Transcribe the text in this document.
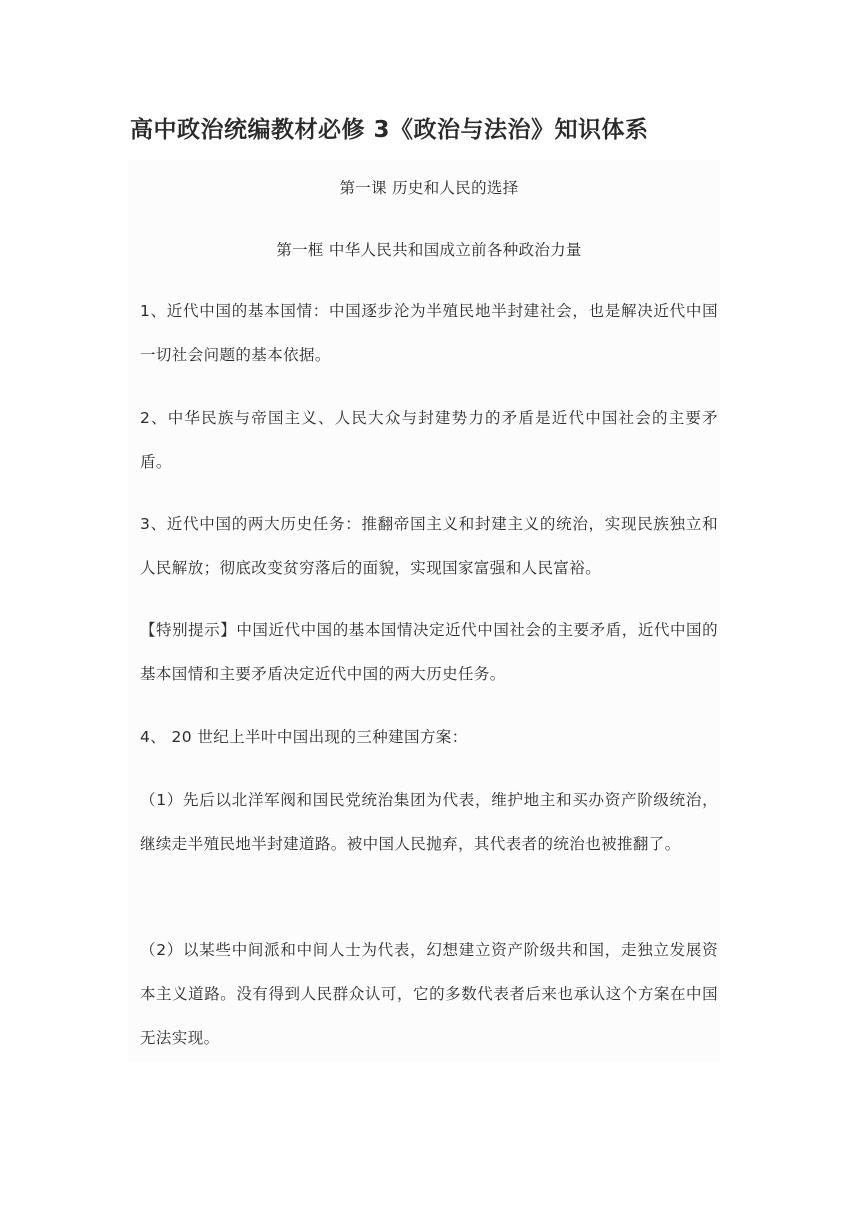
高中政治统编教材必修 3《政治与法治》知识体系
第一课 历史和人民的选择
第一框 中华人民共和国成立前各种政治力量

1、近代中国的基本国情：中国逐步沦为半殖民地半封建社会，也是解决近代中国一切社会问题的基本依据。

2、中华民族与帝国主义、人民大众与封建势力的矛盾是近代中国社会的主要矛盾。

3、近代中国的两大历史任务：推翻帝国主义和封建主义的统治，实现民族独立和人民解放；彻底改变贫穷落后的面貌，实现国家富强和人民富裕。

【特别提示】中国近代中国的基本国情决定近代中国社会的主要矛盾，近代中国的基本国情和主要矛盾决定近代中国的两大历史任务。

4、 20 世纪上半叶中国出现的三种建国方案：

（1）先后以北洋军阀和国民党统治集团为代表，维护地主和买办资产阶级统治，继续走半殖民地半封建道路。被中国人民抛弃，其代表者的统治也被推翻了。

（2）以某些中间派和中间人士为代表，幻想建立资产阶级共和国，走独立发展资本主义道路。没有得到人民群众认可，它的多数代表者后来也承认这个方案在中国无法实现。
